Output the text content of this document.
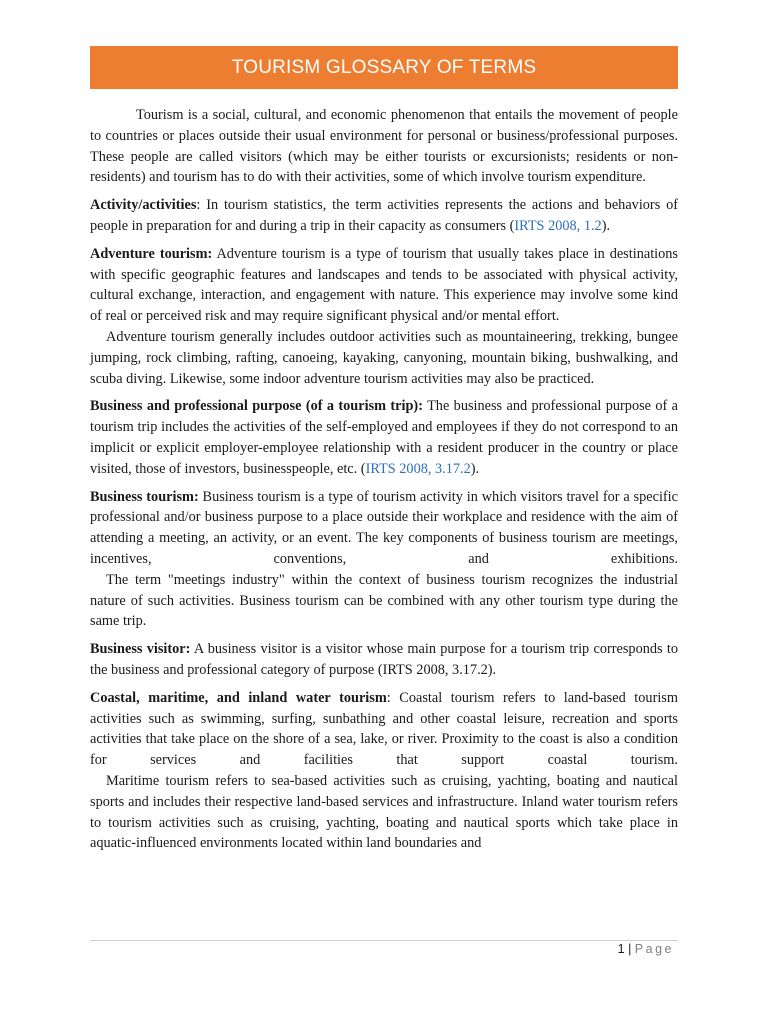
TOURISM GLOSSARY OF TERMS

Tourism is a social, cultural, and economic phenomenon that entails the movement of people to countries or places outside their usual environment for personal or business/professional purposes. These people are called visitors (which may be either tourists or excursionists; residents or non-residents) and tourism has to do with their activities, some of which involve tourism expenditure.

Activity/activities: In tourism statistics, the term activities represents the actions and behaviors of people in preparation for and during a trip in their capacity as consumers (IRTS 2008, 1.2).

Adventure tourism: Adventure tourism is a type of tourism that usually takes place in destinations with specific geographic features and landscapes and tends to be associated with physical activity, cultural exchange, interaction, and engagement with nature. This experience may involve some kind of real or perceived risk and may require significant physical and/or mental effort.
Adventure tourism generally includes outdoor activities such as mountaineering, trekking, bungee jumping, rock climbing, rafting, canoeing, kayaking, canyoning, mountain biking, bushwalking, and scuba diving. Likewise, some indoor adventure tourism activities may also be practiced.

Business and professional purpose (of a tourism trip): The business and professional purpose of a tourism trip includes the activities of the self-employed and employees if they do not correspond to an implicit or explicit employer-employee relationship with a resident producer in the country or place visited, those of investors, businesspeople, etc. (IRTS 2008, 3.17.2).

Business tourism: Business tourism is a type of tourism activity in which visitors travel for a specific professional and/or business purpose to a place outside their workplace and residence with the aim of attending a meeting, an activity, or an event. The key components of business tourism are meetings, incentives, conventions, and exhibitions.
The term "meetings industry" within the context of business tourism recognizes the industrial nature of such activities. Business tourism can be combined with any other tourism type during the same trip.

Business visitor: A business visitor is a visitor whose main purpose for a tourism trip corresponds to the business and professional category of purpose (IRTS 2008, 3.17.2).

Coastal, maritime, and inland water tourism: Coastal tourism refers to land-based tourism activities such as swimming, surfing, sunbathing and other coastal leisure, recreation and sports activities that take place on the shore of a sea, lake, or river. Proximity to the coast is also a condition for services and facilities that support coastal tourism.
Maritime tourism refers to sea-based activities such as cruising, yachting, boating and nautical sports and includes their respective land-based services and infrastructure. Inland water tourism refers to tourism activities such as cruising, yachting, boating and nautical sports which take place in aquatic-influenced environments located within land boundaries and

1 | Page
